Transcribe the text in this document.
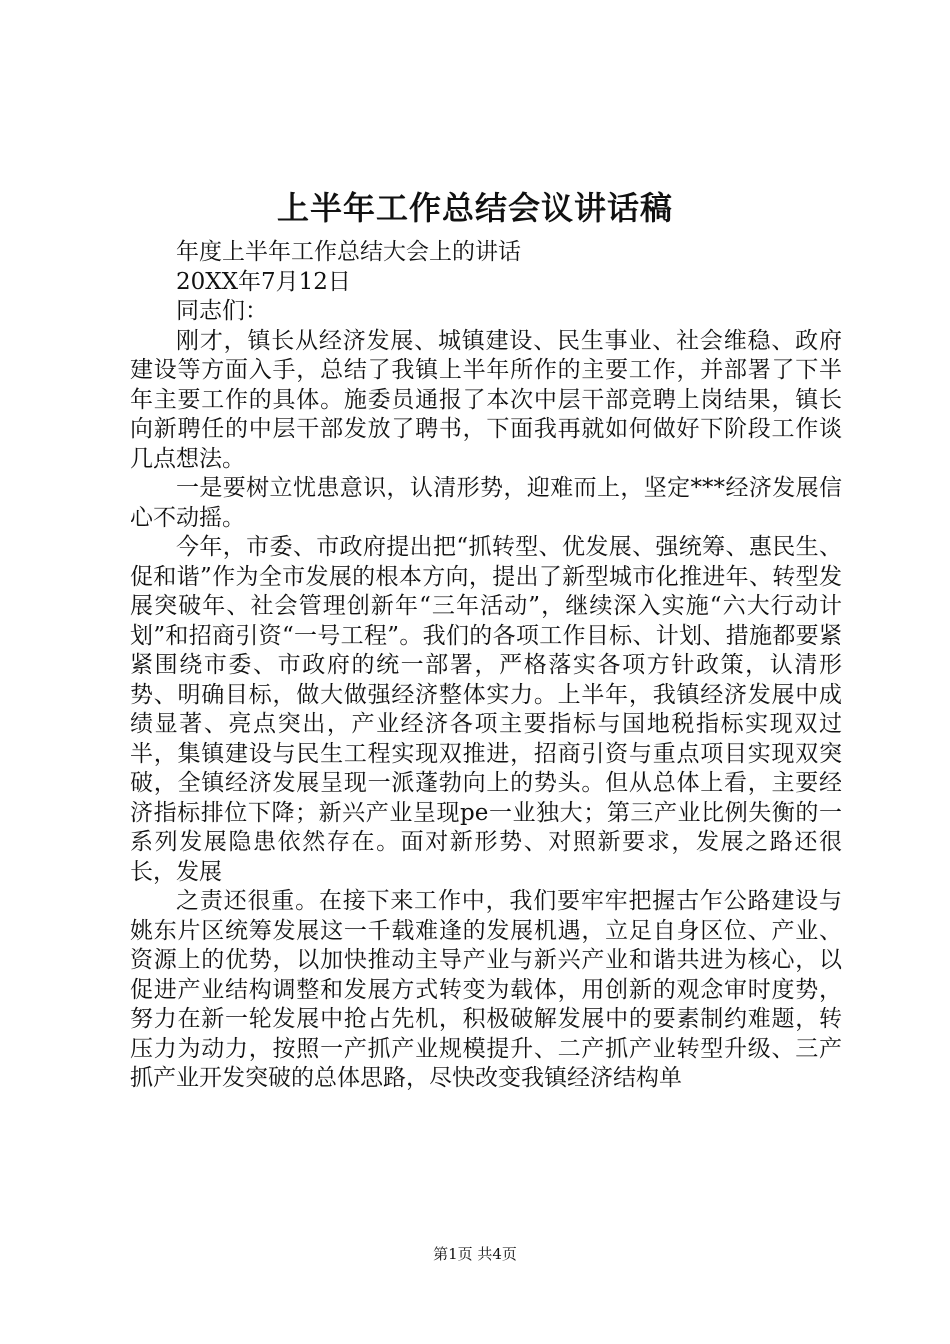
上半年工作总结会议讲话稿

年度上半年工作总结大会上的讲话

20XX年7月12日

同志们：

刚才，镇长从经济发展、城镇建设、民生事业、社会维稳、政府建设等方面入手，总结了我镇上半年所作的主要工作，并部署了下半年主要工作的具体。施委员通报了本次中层干部竞聘上岗结果，镇长向新聘任的中层干部发放了聘书，下面我再就如何做好下阶段工作谈几点想法。

一是要树立忧患意识，认清形势，迎难而上，坚定***经济发展信心不动摇。

今年，市委、市政府提出把“抓转型、优发展、强统筹、惠民生、促和谐”作为全市发展的根本方向，提出了新型城市化推进年、转型发展突破年、社会管理创新年“三年活动”，继续深入实施“六大行动计划”和招商引资“一号工程”。我们的各项工作目标、计划、措施都要紧紧围绕市委、市政府的统一部署，严格落实各项方针政策，认清形势、明确目标，做大做强经济整体实力。上半年，我镇经济发展中成绩显著、亮点突出，产业经济各项主要指标与国地税指标实现双过半，集镇建设与民生工程实现双推进，招商引资与重点项目实现双突破，全镇经济发展呈现一派蓬勃向上的势头。但从总体上看，主要经济指标排位下降；新兴产业呈现pe一业独大；第三产业比例失衡的一系列发展隐患依然存在。面对新形势、对照新要求，发展之路还很长，发展

之责还很重。在接下来工作中，我们要牢牢把握古乍公路建设与姚东片区统筹发展这一千载难逢的发展机遇，立足自身区位、产业、资源上的优势，以加快推动主导产业与新兴产业和谐共进为核心，以促进产业结构调整和发展方式转变为载体，用创新的观念审时度势，努力在新一轮发展中抢占先机，积极破解发展中的要素制约难题，转压力为动力，按照一产抓产业规模提升、二产抓产业转型升级、三产抓产业开发突破的总体思路，尽快改变我镇经济结构单

第1页 共4页
